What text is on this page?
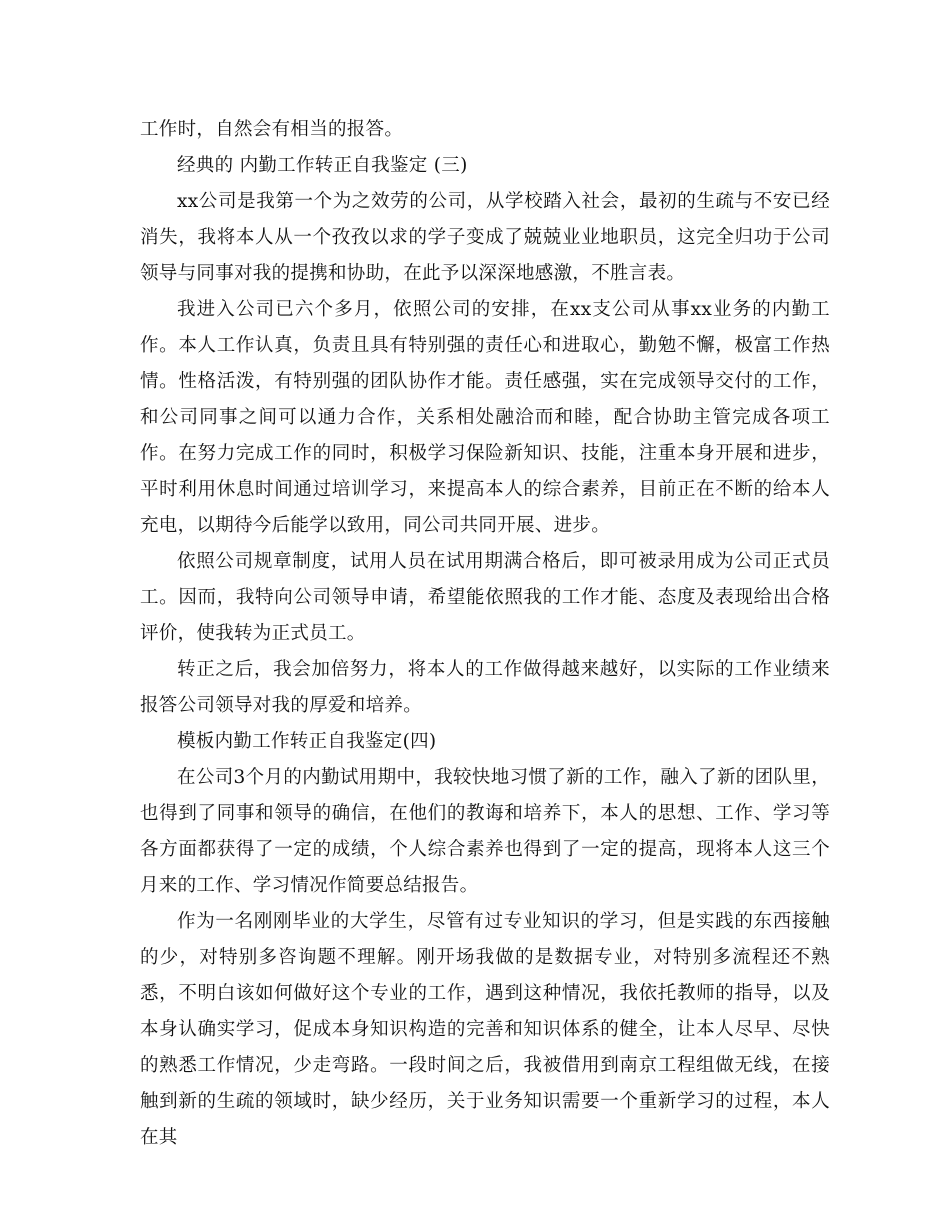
工作时，自然会有相当的报答。

经典的 内勤工作转正自我鉴定 (三)

xx公司是我第一个为之效劳的公司，从学校踏入社会，最初的生疏与不安已经消失，我将本人从一个孜孜以求的学子变成了兢兢业业地职员，这完全归功于公司领导与同事对我的提携和协助，在此予以深深地感激，不胜言表。

我进入公司已六个多月，依照公司的安排，在xx支公司从事xx业务的内勤工作。本人工作认真，负责且具有特别强的责任心和进取心，勤勉不懈，极富工作热情。性格活泼，有特别强的团队协作才能。责任感强，实在完成领导交付的工作，和公司同事之间可以通力合作，关系相处融洽而和睦，配合协助主管完成各项工作。在努力完成工作的同时，积极学习保险新知识、技能，注重本身开展和进步，平时利用休息时间通过培训学习，来提高本人的综合素养，目前正在不断的给本人充电，以期待今后能学以致用，同公司共同开展、进步。

依照公司规章制度，试用人员在试用期满合格后，即可被录用成为公司正式员工。因而，我特向公司领导申请，希望能依照我的工作才能、态度及表现给出合格评价，使我转为正式员工。

转正之后，我会加倍努力，将本人的工作做得越来越好，以实际的工作业绩来报答公司领导对我的厚爱和培养。

模板内勤工作转正自我鉴定(四)

在公司3个月的内勤试用期中，我较快地习惯了新的工作，融入了新的团队里，也得到了同事和领导的确信，在他们的教诲和培养下，本人的思想、工作、学习等各方面都获得了一定的成绩，个人综合素养也得到了一定的提高，现将本人这三个月来的工作、学习情况作简要总结报告。

作为一名刚刚毕业的大学生，尽管有过专业知识的学习，但是实践的东西接触的少，对特别多咨询题不理解。刚开场我做的是数据专业，对特别多流程还不熟悉，不明白该如何做好这个专业的工作，遇到这种情况，我依托教师的指导，以及本身认确实学习，促成本身知识构造的完善和知识体系的健全，让本人尽早、尽快的熟悉工作情况，少走弯路。一段时间之后，我被借用到南京工程组做无线，在接触到新的生疏的领域时，缺少经历，关于业务知识需要一个重新学习的过程，本人在其
